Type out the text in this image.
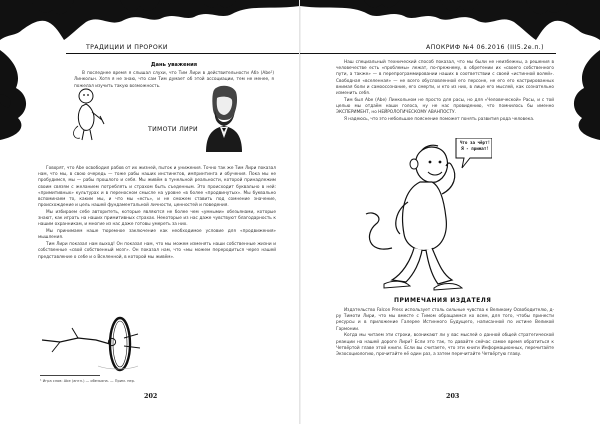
ТРАДИЦИИ И ПРОРОКИ
Дань уважения

В последнее время я слышал слухи, что Тим Лири в действительности Абэ (Abe¹) Линкольн. Хотя я не знаю, что сам Тим думает об этой ассоциации, тем не менее, я пожелал изучить такую возможность.

ТИМОТИ ЛИРИ

Говорят, что Abe освободил рабов от их жизней, пыток и унижения. Точно так же Тим Лири показал нам, что мы, в свою очередь — тоже рабы наших инстинктов, импринтинга и обучения. Пока мы не пробудимся, мы — рабы прошлого и себя. Мы живём в тунельной реальности, которой принадлежим своим связям с желанием потреблять и страхом быть съеденным. Это происходит буквально в ней: «примитивных» культурах и в переносном смысле на уровне «в более «продвинутых». Мы буквально вспоминаем то, каким мы, и что мы «есть», и не сможем ставить под сомнение значение, происхождение и цель нашей фундаментальной личности, ценностей и поведения.

Мы избираем себе авторитеть, которые являются не более чем «умными» обезьянами, которые знают, как играть на наших примитивных страхах. Некоторые из нас даже чувствуют благодарность к нашим охранникам, и многие из нас даже готовы умереть за них.

Мы принимаем наше тюремное заключение как необходимое условие для «продвижения» мышления.

Тим Лири показал нам выход! Он показал нам, что мы можем изменять наши собственные жизни и собственные «свой собственный мозг». Он показал нам, что «мы можем переродиться через нашей представление о себе и о Вселенной, в которой мы живём».

¹ Игра слов: Abe (англ.) — обезьяна. — Прим. пер.
202
АПОКРИФ №4 06.2016 (III5.2е.п.)

Наш специальный технический способ показал, что мы были не неизбежны, а решения в человечестве есть «проблемы» лежат, по-прежнему, в обретении их «своего собственного пути, а также» — в перепрограммировании наших в соответствии с своей «истинной волей». Свободная «вселенная» — не всего обусловленной его персоне, не его его кастрированных внимая боли и самоосознание, его смерти, и кто из них, в лице его мыслей, как сознательно изменить себя.

Тим был Abe (Abe) Линкольном не просто для расы, но для «Человеческой» Расы, и с той целью мы отдаём наши голоса, ну не нас провидению, что помнилось бы именно ЭКСПЕРИМЕНТ, но НЕЙРОЛОГИЧЕСКОМУ АВАНПОСТУ.

Я надеюсь, что это небольшое пояснение поможет понять развития рода человека.

Что за чёрт!
Я - примат!
ПРИМЕЧАНИЯ ИЗДАТЕЛЯ

Издательство Falcon Press использует столь сильные чувства к Великому Освободителю, д-ру Тимоти Лири, что мы вместе с Тимом обращаемся ко всем, для того, чтобы принести ресурсы и в приложение Галерее Истинного Будущего, написанной по истине Великой Гармонии.

Когда мы читаем эти строки, возникают ли у вас мыслей о данной общей стратегической реакции на нашей дороге Лири? Если это так, то давайте сейчас самое время обратиться к Четвёртой главе этой книги. Если вы считаете, что эти книги Информационных, перечитайте Экзосоциологию, прочитайте её один раз, а затем перечитайте Четвёртую главу.

203
